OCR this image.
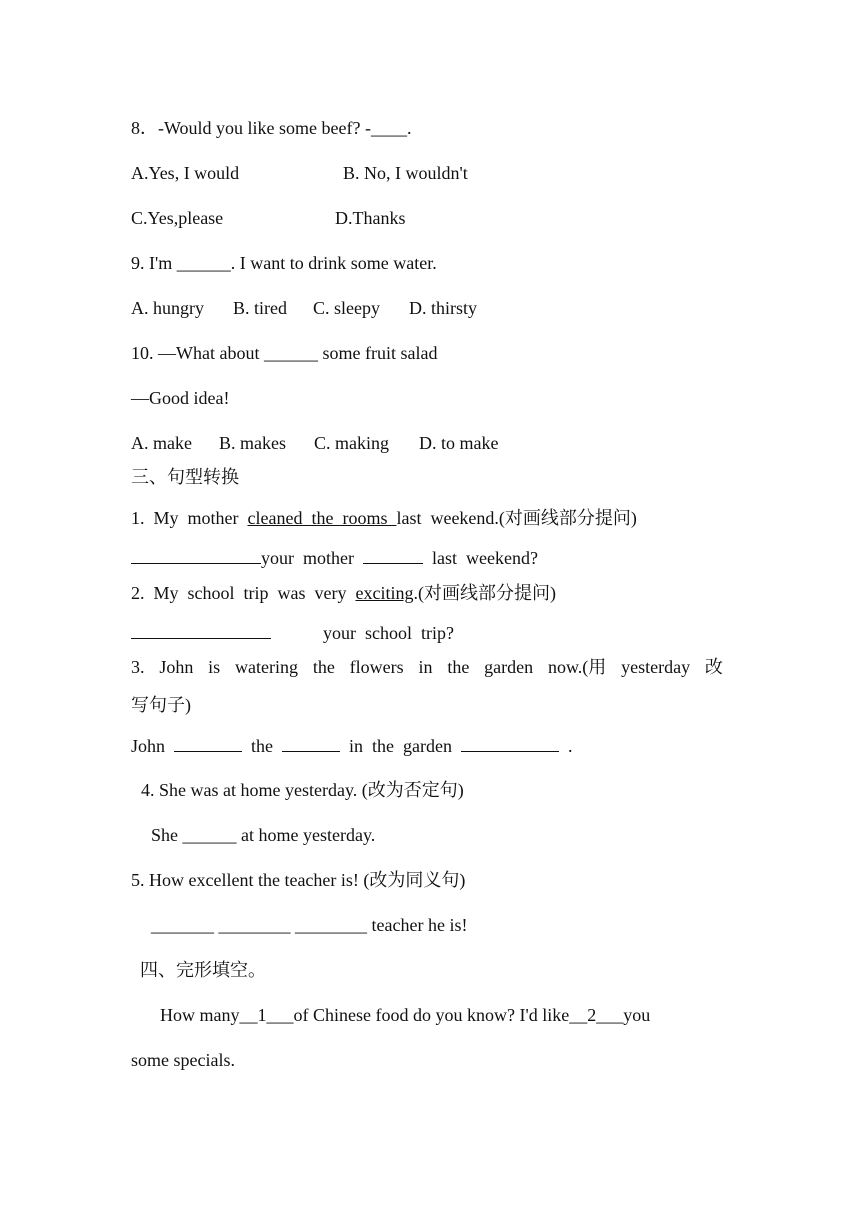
8．-Would you like some beef? -____.
A.Yes, I would	B. No, I wouldn't
C.Yes,please	D.Thanks
9. I'm ______. I want to drink some water.
A. hungry B. tired C. sleepy D. thirsty
10. —What about ______ some fruit salad
—Good idea!
A. make B. makes C. making D. to make
三、句型转换
1.  My  mother  cleaned  the  rooms  last  weekend.(对画线部分提问)
your  mother	last  weekend?
2.  My  school  trip  was  very  exciting.(对画线部分提问)
your  school  trip?
3. John is watering the flowers in the garden now.(用 yesterday 改
写句子)
John	the	in  the  garden	.
4. She was at home yesterday. (改为否定句)
She ______ at home yesterday.
5. How excellent the teacher is! (改为同义句)
_______ ________ ________ teacher he is!
四、完形填空。
How many__1___of Chinese food do you know? I'd like__2___you
some specials.
